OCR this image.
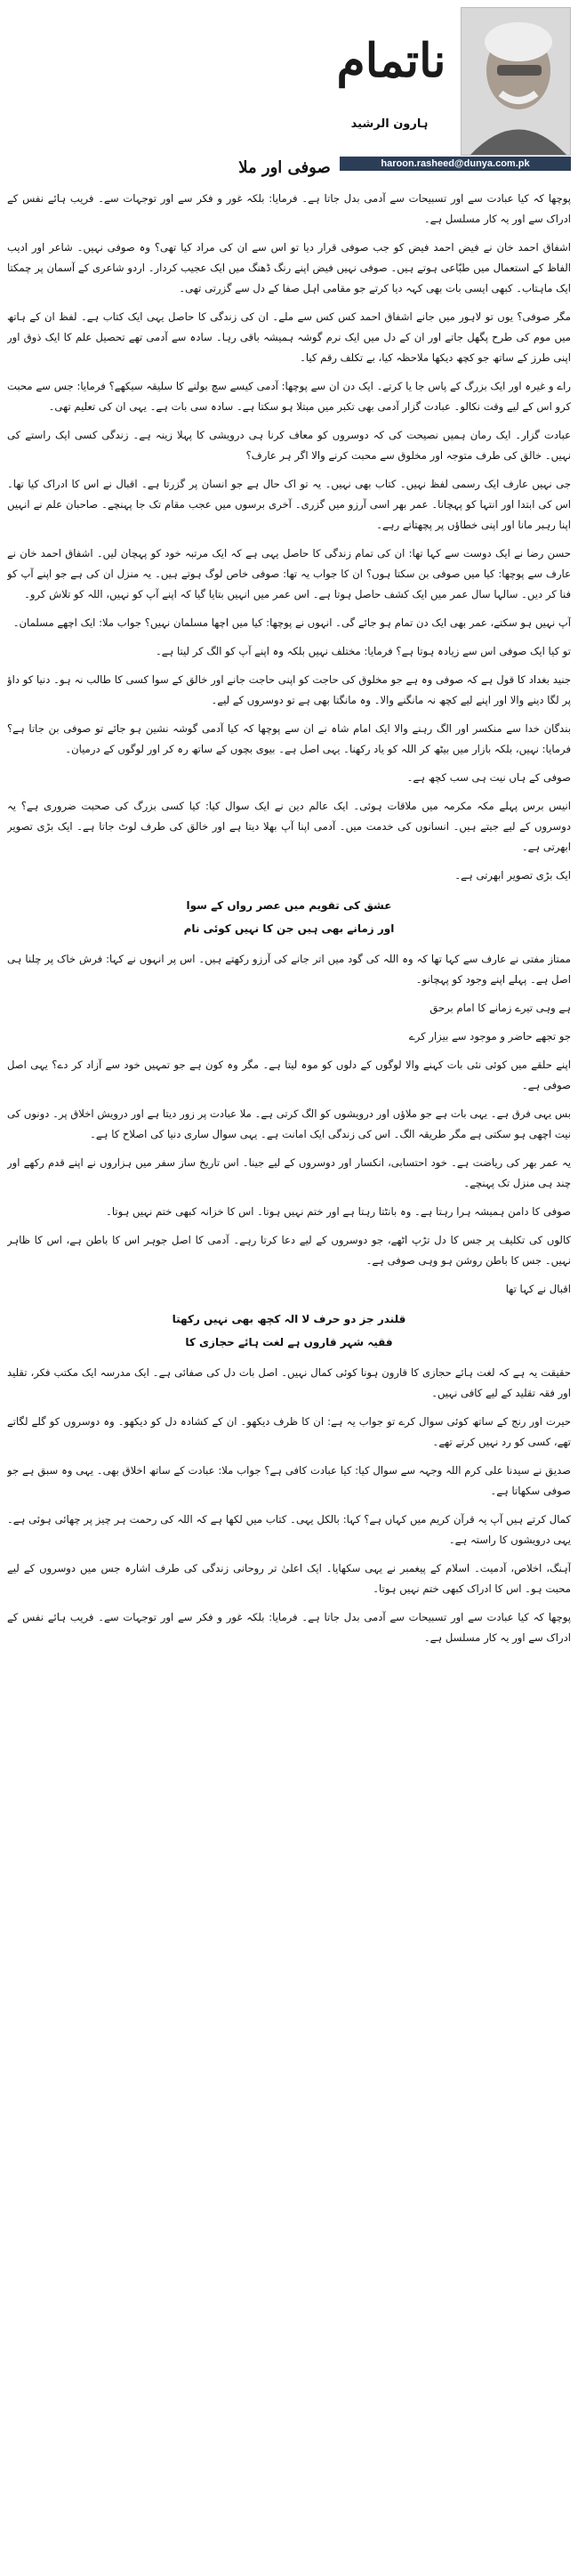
ناتمام
ہارون الرشید
haroon.rasheed@dunya.com.pk
صوفی اور ملا

پوچھا کہ کیا عبادت سے اور تسبیحات سے آدمی بدل جاتا ہے۔ فرمایا: بلکہ غور و فکر سے اور توجہات سے۔ فریب ہائے نفس کے ادراک سے اور یہ کار مسلسل ہے۔

اشفاق احمد خان نے فیض احمد فیض کو جب صوفی قرار دیا تو اس سے ان کی مراد کیا تھی؟ وہ صوفی نہیں۔ شاعر اور ادیب الفاظ کے استعمال میں طبّاعی ہوتے ہیں۔ صوفی نہیں فیض اپنے رنگ ڈھنگ میں ایک عجیب کردار۔ اردو شاعری کے آسمان پر چمکتا ایک ماہتاب۔ کبھی ایسی بات بھی کہہ دیا کرتے جو مقامی اہل صفا کے دل سے گزرتی تھی۔

مگر صوفی؟ یوں تو لاہور میں جانے اشفاق احمد کس کس سے ملے۔ ان کی زندگی کا حاصل یہی ایک کتاب ہے۔ لفظ ان کے ہاتھ میں موم کی طرح پگھل جاتے اور ان کے دل میں ایک نرم گوشہ ہمیشہ باقی رہا۔ سادہ سے آدمی تھے تحصیل علم کا ایک ذوق اور اپنی طرز کے ساتھ جو کچھ دیکھا ملاحظہ کیا، بے تکلف رقم کیا۔

راے و غیرہ اور ایک بزرگ کے پاس جا یا کرتے۔ ایک دن ان سے پوچھا: آدمی کیسے سچ بولنے کا سلیقہ سیکھے؟ فرمایا: جس سے محبت کرو اس کے لیے وقت نکالو۔ عبادت گزار آدمی بھی تکبر میں مبتلا ہو سکتا ہے۔ سادہ سی بات ہے۔ یہی ان کی تعلیم تھی۔

عبادت گزار۔ ایک رمان ہمیں نصیحت کی کہ دوسروں کو معاف کرنا ہی درویشی کا پہلا زینہ ہے۔ زندگی کسی ایک راستے کی نہیں۔ خالق کی طرف متوجہ اور مخلوق سے محبت کرنے والا اگر ہر عارف؟

جی نہیں عارف ایک رسمی لفظ نہیں۔ کتاب بھی نہیں۔ یہ تو اک حال ہے جو انسان پر گزرتا ہے۔ اقبال نے اس کا ادراک کیا تھا۔ اس کی ابتدا اور انتہا کو پہچانا۔ عمر بھر اسی آرزو میں گزری۔ آخری برسوں میں عجب مقام تک جا پہنچے۔ صاحبان علم نے انہیں اپنا رہبر مانا اور اپنی خطاؤں پر پچھتاتے رہے۔

حسن رضا نے ایک دوست سے کہا تھا: ان کی تمام زندگی کا حاصل یہی ہے کہ ایک مرتبہ خود کو پہچان لیں۔ اشفاق احمد خان نے عارف سے پوچھا: کیا میں صوفی بن سکتا ہوں؟ ان کا جواب یہ تھا: صوفی خاص لوگ ہوتے ہیں۔ یہ منزل ان کی ہے جو اپنے آپ کو فنا کر دیں۔ سالہا سال عمر میں ایک کشف حاصل ہوتا ہے۔ اس عمر میں انہیں بتایا گیا کہ اپنے آپ کو نہیں، اللہ کو تلاش کرو۔

آپ نہیں ہو سکتے، عمر بھی ایک دن تمام ہو جائے گی۔ انہوں نے پوچھا: کیا میں اچھا مسلمان نہیں؟ جواب ملا: ایک اچھے مسلمان۔

تو کیا ایک صوفی اس سے زیادہ ہوتا ہے؟ فرمایا: مختلف نہیں بلکہ وہ اپنے آپ کو الگ کر لیتا ہے۔

جنید بغداد کا قول ہے کہ صوفی وہ ہے جو مخلوق کی حاجت کو اپنی حاجت جانے اور خالق کے سوا کسی کا طالب نہ ہو۔ دنیا کو داؤ پر لگا دینے والا اور اپنے لیے کچھ نہ مانگنے والا۔ وہ مانگتا بھی ہے تو دوسروں کے لیے۔

بندگان خدا سے منکسر اور الگ رہنے والا ایک امام شاہ نے ان سے پوچھا کہ کیا آدمی گوشہ نشین ہو جائے تو صوفی بن جاتا ہے؟ فرمایا: نہیں، بلکہ بازار میں بیٹھ کر اللہ کو یاد رکھنا۔ یہی اصل ہے۔ بیوی بچوں کے ساتھ رہ کر اور لوگوں کے درمیان۔

صوفی کے ہاں نیت ہی سب کچھ ہے۔

انیس برس پہلے مکہ مکرمہ میں ملاقات ہوئی۔ ایک عالم دین نے ایک سوال کیا: کیا کسی بزرگ کی صحبت ضروری ہے؟ یہ دوسروں کے لیے جیتے ہیں۔ انسانوں کی خدمت میں۔ آدمی اپنا آپ بھلا دیتا ہے اور خالق کی طرف لوٹ جاتا ہے۔ ایک بڑی تصویر ابھرتی ہے۔

ایک بڑی تصویر ابھرتی ہے۔

عشق کی تقویم میں عصر رواں کے سوا
اور زمانے بھی ہیں جن کا نہیں کوئی نام

ممتاز مفتی نے عارف سے کہا تھا کہ وہ اللہ کی گود میں اتر جانے کی آرزو رکھتے ہیں۔ اس پر انہوں نے کہا: فرش خاک پر چلنا ہی اصل ہے۔ پہلے اپنے وجود کو پہچانو۔

ہے وہی تیرے زمانے کا امام برحق

جو تجھے حاضر و موجود سے بیزار کرے

اپنے حلقے میں کوئی نئی بات کہنے والا لوگوں کے دلوں کو موہ لیتا ہے۔ مگر وہ کون ہے جو تمہیں خود سے آزاد کر دے؟ یہی اصل صوفی ہے۔

بس یہی فرق ہے۔ یہی بات ہے جو ملاؤں اور درویشوں کو الگ کرتی ہے۔ ملا عبادت پر زور دیتا ہے اور درویش اخلاق پر۔ دونوں کی نیت اچھی ہو سکتی ہے مگر طریقہ الگ۔ اس کی زندگی ایک امانت ہے۔ یہی سوال ساری دنیا کی اصلاح کا ہے۔

یہ عمر بھر کی ریاضت ہے۔ خود احتسابی، انکسار اور دوسروں کے لیے جینا۔ اس تاریخ ساز سفر میں ہزاروں نے اپنے قدم رکھے اور چند ہی منزل تک پہنچے۔

صوفی کا دامن ہمیشہ ہرا رہتا ہے۔ وہ بانٹتا رہتا ہے اور ختم نہیں ہوتا۔ اس کا خزانہ کبھی ختم نہیں ہوتا۔

کالوں کی تکلیف پر جس کا دل تڑپ اٹھے، جو دوسروں کے لیے دعا کرتا رہے۔ آدمی کا اصل جوہر اس کا باطن ہے، اس کا ظاہر نہیں۔ جس کا باطن روشن ہو وہی صوفی ہے۔

اقبال نے کہا تھا

قلندر جز دو حرف لا الہ کچھ بھی نہیں رکھتا
فقیہ شہر قاروں ہے لغت ہائے حجازی کا

حقیقت یہ ہے کہ لغت ہائے حجازی کا قارون ہونا کوئی کمال نہیں۔ اصل بات دل کی صفائی ہے۔ ایک مدرسہ ایک مکتب فکر، تقلید اور فقہ تقلید کے لیے کافی نہیں۔

حیرت اور رنج کے ساتھ کوئی سوال کرے تو جواب یہ ہے: ان کا ظرف دیکھو۔ ان کے کشادہ دل کو دیکھو۔ وہ دوسروں کو گلے لگاتے تھے، کسی کو رد نہیں کرتے تھے۔

صدیق نے سیدنا علی کرم اللہ وجہہ سے سوال کیا: کیا عبادت کافی ہے؟ جواب ملا: عبادت کے ساتھ اخلاق بھی۔ یہی وہ سبق ہے جو صوفی سکھاتا ہے۔

کمال کرتے ہیں آپ یہ قرآن کریم میں کہاں ہے؟ کہا: بالکل یہی۔ کتاب میں لکھا ہے کہ اللہ کی رحمت ہر چیز پر چھائی ہوئی ہے۔ یہی درویشوں کا راستہ ہے۔

آہنگ، اخلاص، آدمیت۔ اسلام کے پیغمبر نے یہی سکھایا۔ ایک اعلیٰ تر روحانی زندگی کی طرف اشارہ جس میں دوسروں کے لیے محبت ہو۔ اس کا ادراک کبھی ختم نہیں ہوتا۔

پوچھا کہ کیا عبادت سے اور تسبیحات سے آدمی بدل جاتا ہے۔ فرمایا: بلکہ غور و فکر سے اور توجہات سے۔ فریب ہائے نفس کے ادراک سے اور یہ کار مسلسل ہے۔
